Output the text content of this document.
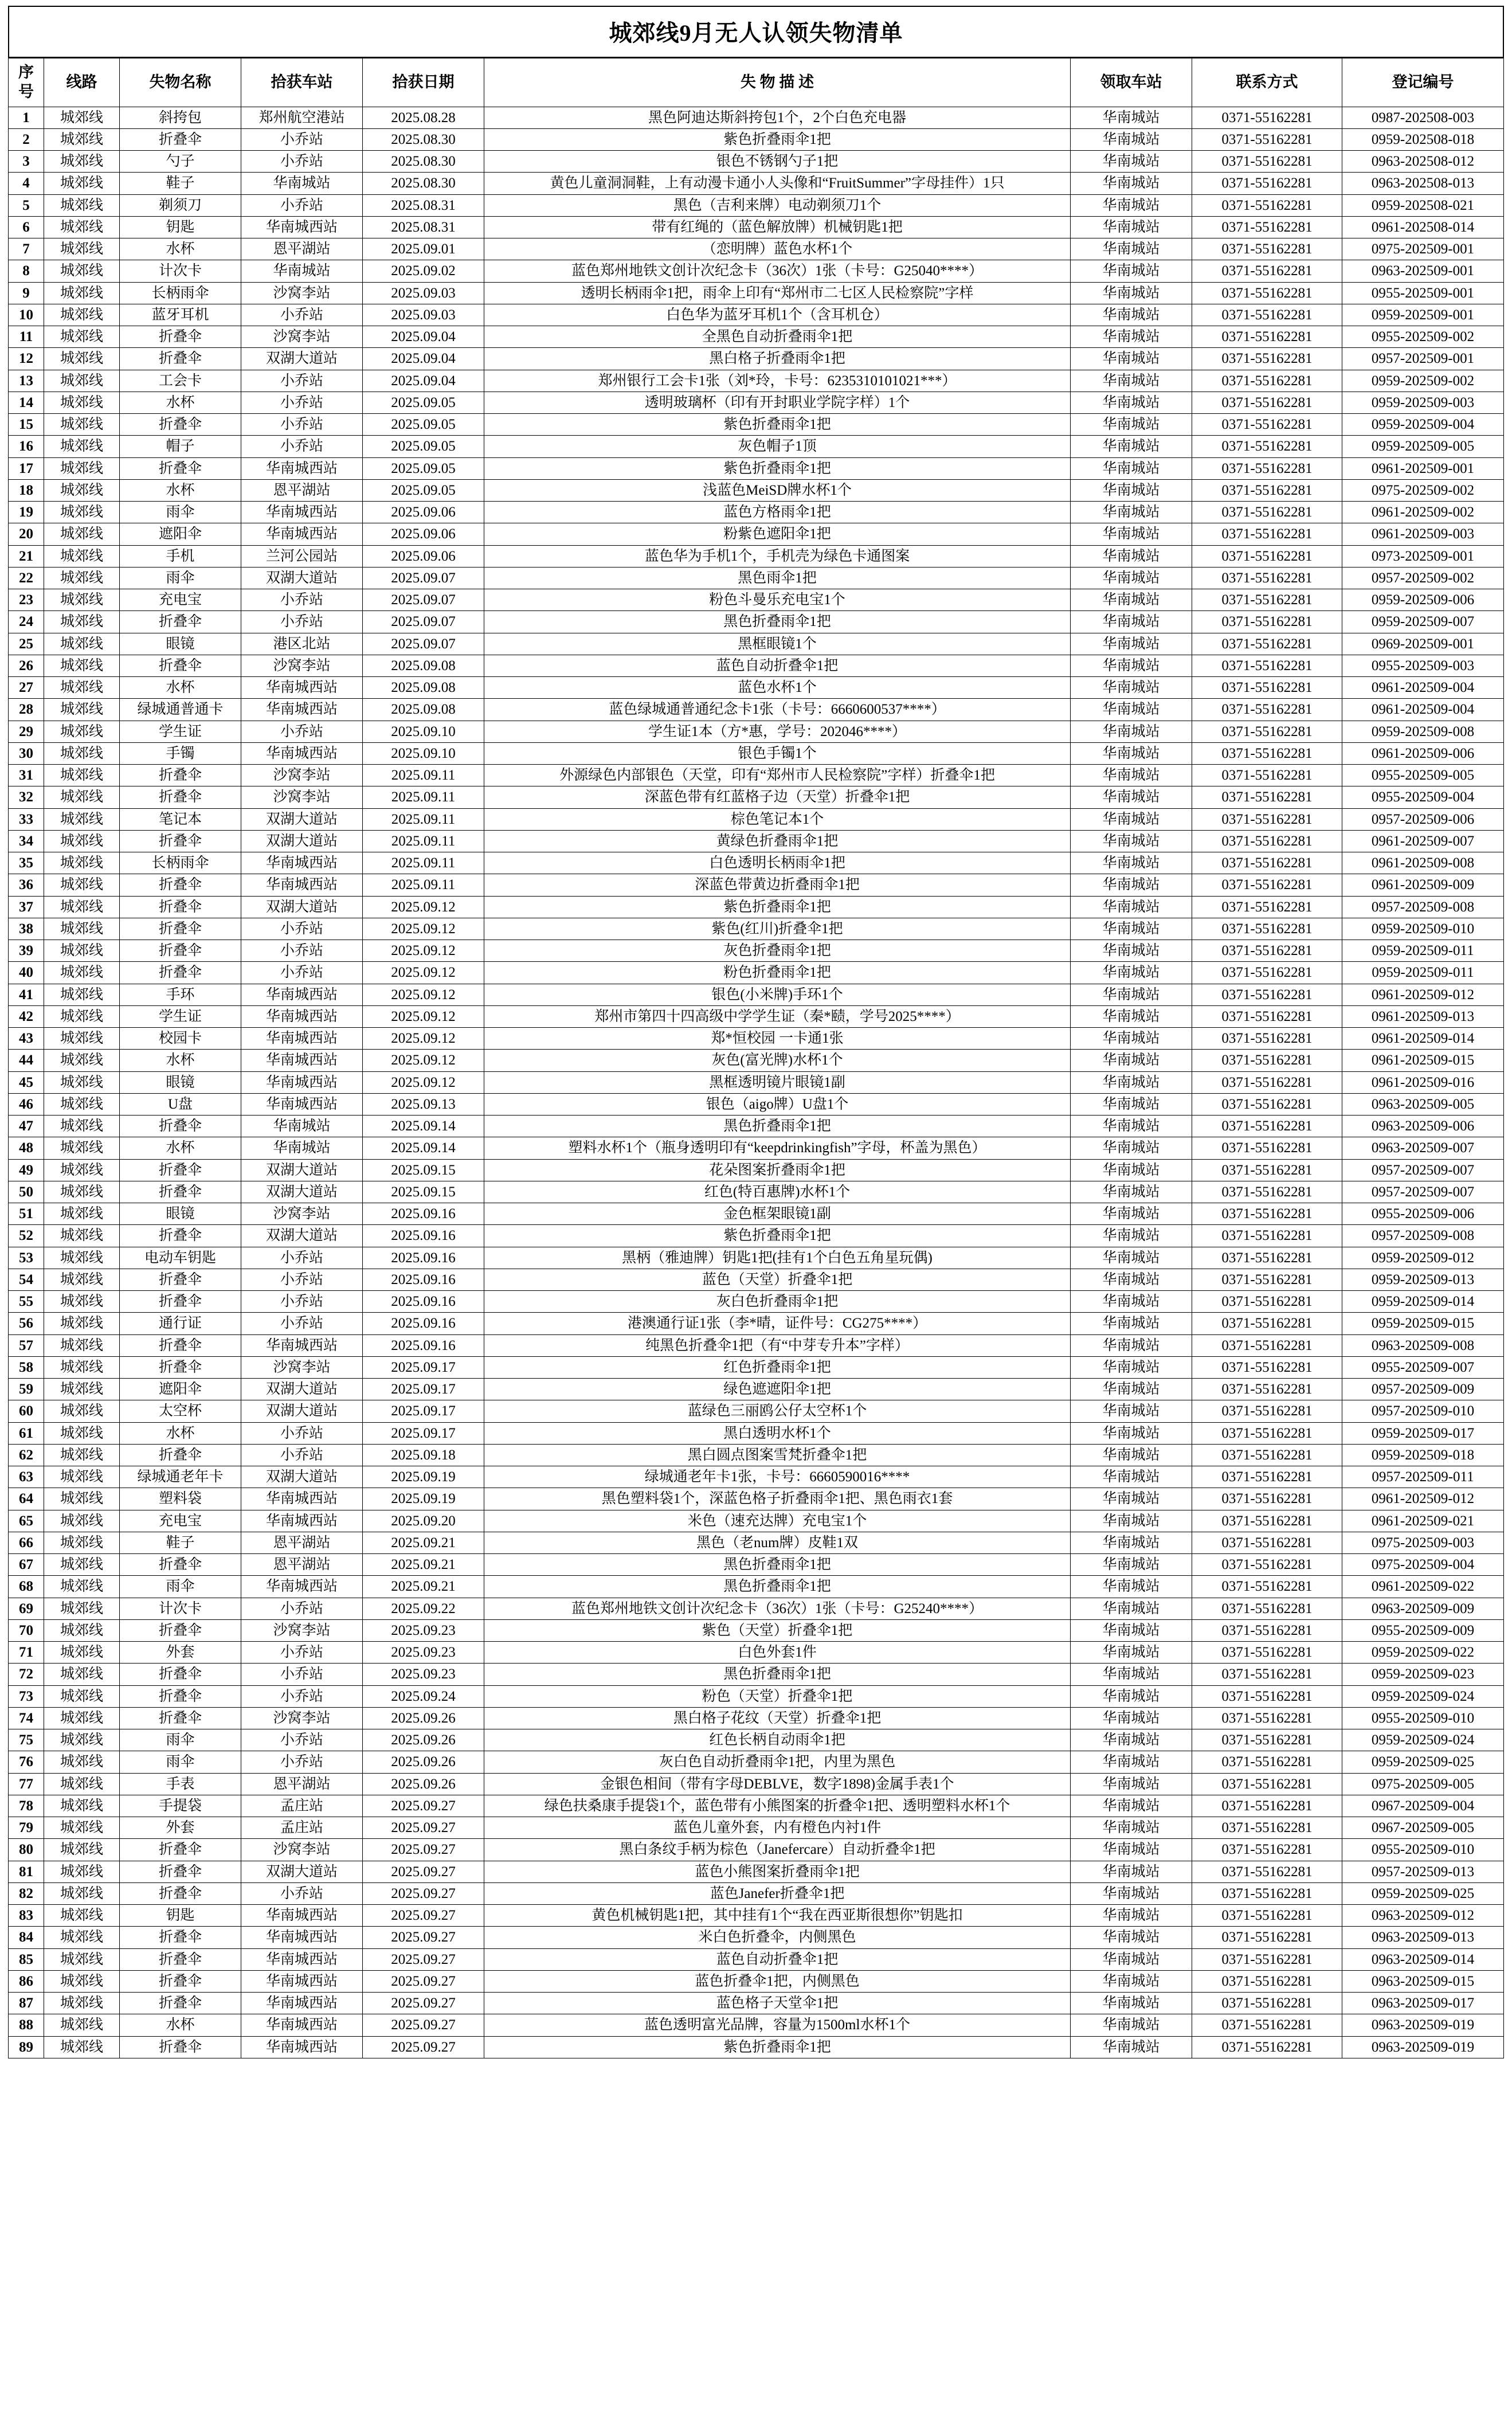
城郊线9月无人认领失物清单
序号	线路	失物名称	拾获车站	拾获日期	失 物 描 述	领取车站	联系方式	登记编号
1	城郊线	斜挎包	郑州航空港站	2025.08.28	黑色阿迪达斯斜挎包1个，2个白色充电器	华南城站	0371-55162281	0987-202508-003
2	城郊线	折叠伞	小乔站	2025.08.30	紫色折叠雨伞1把	华南城站	0371-55162281	0959-202508-018
3	城郊线	勺子	小乔站	2025.08.30	银色不锈钢勺子1把	华南城站	0371-55162281	0963-202508-012
4	城郊线	鞋子	华南城站	2025.08.30	黄色儿童洞洞鞋，上有动漫卡通小人头像和“FruitSummer”字母挂件）1只	华南城站	0371-55162281	0963-202508-013
5	城郊线	剃须刀	小乔站	2025.08.31	黑色（吉利来牌）电动剃须刀1个	华南城站	0371-55162281	0959-202508-021
6	城郊线	钥匙	华南城西站	2025.08.31	带有红绳的（蓝色解放牌）机械钥匙1把	华南城站	0371-55162281	0961-202508-014
7	城郊线	水杯	恩平湖站	2025.09.01	（恋明牌）蓝色水杯1个	华南城站	0371-55162281	0975-202509-001
8	城郊线	计次卡	华南城站	2025.09.02	蓝色郑州地铁文创计次纪念卡（36次）1张（卡号：G25040****）	华南城站	0371-55162281	0963-202509-001
9	城郊线	长柄雨伞	沙窝李站	2025.09.03	透明长柄雨伞1把，雨伞上印有“郑州市二七区人民检察院”字样	华南城站	0371-55162281	0955-202509-001
10	城郊线	蓝牙耳机	小乔站	2025.09.03	白色华为蓝牙耳机1个（含耳机仓）	华南城站	0371-55162281	0959-202509-001
11	城郊线	折叠伞	沙窝李站	2025.09.04	全黑色自动折叠雨伞1把	华南城站	0371-55162281	0955-202509-002
12	城郊线	折叠伞	双湖大道站	2025.09.04	黑白格子折叠雨伞1把	华南城站	0371-55162281	0957-202509-001
13	城郊线	工会卡	小乔站	2025.09.04	郑州银行工会卡1张（刘*玲，卡号：6235310101021***）	华南城站	0371-55162281	0959-202509-002
14	城郊线	水杯	小乔站	2025.09.05	透明玻璃杯（印有开封职业学院字样）1个	华南城站	0371-55162281	0959-202509-003
15	城郊线	折叠伞	小乔站	2025.09.05	紫色折叠雨伞1把	华南城站	0371-55162281	0959-202509-004
16	城郊线	帽子	小乔站	2025.09.05	灰色帽子1顶	华南城站	0371-55162281	0959-202509-005
17	城郊线	折叠伞	华南城西站	2025.09.05	紫色折叠雨伞1把	华南城站	0371-55162281	0961-202509-001
18	城郊线	水杯	恩平湖站	2025.09.05	浅蓝色MeiSD牌水杯1个	华南城站	0371-55162281	0975-202509-002
19	城郊线	雨伞	华南城西站	2025.09.06	蓝色方格雨伞1把	华南城站	0371-55162281	0961-202509-002
20	城郊线	遮阳伞	华南城西站	2025.09.06	粉紫色遮阳伞1把	华南城站	0371-55162281	0961-202509-003
21	城郊线	手机	兰河公园站	2025.09.06	蓝色华为手机1个，手机壳为绿色卡通图案	华南城站	0371-55162281	0973-202509-001
22	城郊线	雨伞	双湖大道站	2025.09.07	黑色雨伞1把	华南城站	0371-55162281	0957-202509-002
23	城郊线	充电宝	小乔站	2025.09.07	粉色斗曼乐充电宝1个	华南城站	0371-55162281	0959-202509-006
24	城郊线	折叠伞	小乔站	2025.09.07	黑色折叠雨伞1把	华南城站	0371-55162281	0959-202509-007
25	城郊线	眼镜	港区北站	2025.09.07	黑框眼镜1个	华南城站	0371-55162281	0969-202509-001
26	城郊线	折叠伞	沙窝李站	2025.09.08	蓝色自动折叠伞1把	华南城站	0371-55162281	0955-202509-003
27	城郊线	水杯	华南城西站	2025.09.08	蓝色水杯1个	华南城站	0371-55162281	0961-202509-004
28	城郊线	绿城通普通卡	华南城西站	2025.09.08	蓝色绿城通普通纪念卡1张（卡号：6660600537****）	华南城站	0371-55162281	0961-202509-004
29	城郊线	学生证	小乔站	2025.09.10	学生证1本（方*惠，学号：202046****）	华南城站	0371-55162281	0959-202509-008
30	城郊线	手镯	华南城西站	2025.09.10	银色手镯1个	华南城站	0371-55162281	0961-202509-006
31	城郊线	折叠伞	沙窝李站	2025.09.11	外源绿色内部银色（天堂，印有“郑州市人民检察院”字样）折叠伞1把	华南城站	0371-55162281	0955-202509-005
32	城郊线	折叠伞	沙窝李站	2025.09.11	深蓝色带有红蓝格子边（天堂）折叠伞1把	华南城站	0371-55162281	0955-202509-004
33	城郊线	笔记本	双湖大道站	2025.09.11	棕色笔记本1个	华南城站	0371-55162281	0957-202509-006
34	城郊线	折叠伞	双湖大道站	2025.09.11	黄绿色折叠雨伞1把	华南城站	0371-55162281	0961-202509-007
35	城郊线	长柄雨伞	华南城西站	2025.09.11	白色透明长柄雨伞1把	华南城站	0371-55162281	0961-202509-008
36	城郊线	折叠伞	华南城西站	2025.09.11	深蓝色带黄边折叠雨伞1把	华南城站	0371-55162281	0961-202509-009
37	城郊线	折叠伞	双湖大道站	2025.09.12	紫色折叠雨伞1把	华南城站	0371-55162281	0957-202509-008
38	城郊线	折叠伞	小乔站	2025.09.12	紫色(红川)折叠伞1把	华南城站	0371-55162281	0959-202509-010
39	城郊线	折叠伞	小乔站	2025.09.12	灰色折叠雨伞1把	华南城站	0371-55162281	0959-202509-011
40	城郊线	折叠伞	小乔站	2025.09.12	粉色折叠雨伞1把	华南城站	0371-55162281	0959-202509-011
41	城郊线	手环	华南城西站	2025.09.12	银色(小米牌)手环1个	华南城站	0371-55162281	0961-202509-012
42	城郊线	学生证	华南城西站	2025.09.12	郑州市第四十四高级中学学生证（秦*赜，学号2025****）	华南城站	0371-55162281	0961-202509-013
43	城郊线	校园卡	华南城西站	2025.09.12	郑*恒校园 一卡通1张	华南城站	0371-55162281	0961-202509-014
44	城郊线	水杯	华南城西站	2025.09.12	灰色(富光牌)水杯1个	华南城站	0371-55162281	0961-202509-015
45	城郊线	眼镜	华南城西站	2025.09.12	黑框透明镜片眼镜1副	华南城站	0371-55162281	0961-202509-016
46	城郊线	U盘	华南城西站	2025.09.13	银色（aigo牌）U盘1个	华南城站	0371-55162281	0963-202509-005
47	城郊线	折叠伞	华南城站	2025.09.14	黑色折叠雨伞1把	华南城站	0371-55162281	0963-202509-006
48	城郊线	水杯	华南城站	2025.09.14	塑料水杯1个（瓶身透明印有“keepdrinkingfish”字母，杯盖为黑色）	华南城站	0371-55162281	0963-202509-007
49	城郊线	折叠伞	双湖大道站	2025.09.15	花朵图案折叠雨伞1把	华南城站	0371-55162281	0957-202509-007
50	城郊线	折叠伞	双湖大道站	2025.09.15	红色(特百惠牌)水杯1个	华南城站	0371-55162281	0957-202509-007
51	城郊线	眼镜	沙窝李站	2025.09.16	金色框架眼镜1副	华南城站	0371-55162281	0955-202509-006
52	城郊线	折叠伞	双湖大道站	2025.09.16	紫色折叠雨伞1把	华南城站	0371-55162281	0957-202509-008
53	城郊线	电动车钥匙	小乔站	2025.09.16	黑柄（雅迪牌）钥匙1把(挂有1个白色五角星玩偶)	华南城站	0371-55162281	0959-202509-012
54	城郊线	折叠伞	小乔站	2025.09.16	蓝色（天堂）折叠伞1把	华南城站	0371-55162281	0959-202509-013
55	城郊线	折叠伞	小乔站	2025.09.16	灰白色折叠雨伞1把	华南城站	0371-55162281	0959-202509-014
56	城郊线	通行证	小乔站	2025.09.16	港澳通行证1张（李*晴，证件号：CG275****）	华南城站	0371-55162281	0959-202509-015
57	城郊线	折叠伞	华南城西站	2025.09.16	纯黑色折叠伞1把（有“中芽专升本”字样）	华南城站	0371-55162281	0963-202509-008
58	城郊线	折叠伞	沙窝李站	2025.09.17	红色折叠雨伞1把	华南城站	0371-55162281	0955-202509-007
59	城郊线	遮阳伞	双湖大道站	2025.09.17	绿色遮遮阳伞1把	华南城站	0371-55162281	0957-202509-009
60	城郊线	太空杯	双湖大道站	2025.09.17	蓝绿色三丽鸥公仔太空杯1个	华南城站	0371-55162281	0957-202509-010
61	城郊线	水杯	小乔站	2025.09.17	黑白透明水杯1个	华南城站	0371-55162281	0959-202509-017
62	城郊线	折叠伞	小乔站	2025.09.18	黑白圆点图案雪梵折叠伞1把	华南城站	0371-55162281	0959-202509-018
63	城郊线	绿城通老年卡	双湖大道站	2025.09.19	绿城通老年卡1张，卡号：6660590016****	华南城站	0371-55162281	0957-202509-011
64	城郊线	塑料袋	华南城西站	2025.09.19	黑色塑料袋1个，深蓝色格子折叠雨伞1把、黑色雨衣1套	华南城站	0371-55162281	0961-202509-012
65	城郊线	充电宝	华南城西站	2025.09.20	米色（速充达牌）充电宝1个	华南城站	0371-55162281	0961-202509-021
66	城郊线	鞋子	恩平湖站	2025.09.21	黑色（老num牌）皮鞋1双	华南城站	0371-55162281	0975-202509-003
67	城郊线	折叠伞	恩平湖站	2025.09.21	黑色折叠雨伞1把	华南城站	0371-55162281	0975-202509-004
68	城郊线	雨伞	华南城西站	2025.09.21	黑色折叠雨伞1把	华南城站	0371-55162281	0961-202509-022
69	城郊线	计次卡	小乔站	2025.09.22	蓝色郑州地铁文创计次纪念卡（36次）1张（卡号：G25240****）	华南城站	0371-55162281	0963-202509-009
70	城郊线	折叠伞	沙窝李站	2025.09.23	紫色（天堂）折叠伞1把	华南城站	0371-55162281	0955-202509-009
71	城郊线	外套	小乔站	2025.09.23	白色外套1件	华南城站	0371-55162281	0959-202509-022
72	城郊线	折叠伞	小乔站	2025.09.23	黑色折叠雨伞1把	华南城站	0371-55162281	0959-202509-023
73	城郊线	折叠伞	小乔站	2025.09.24	粉色（天堂）折叠伞1把	华南城站	0371-55162281	0959-202509-024
74	城郊线	折叠伞	沙窝李站	2025.09.26	黑白格子花纹（天堂）折叠伞1把	华南城站	0371-55162281	0955-202509-010
75	城郊线	雨伞	小乔站	2025.09.26	红色长柄自动雨伞1把	华南城站	0371-55162281	0959-202509-024
76	城郊线	雨伞	小乔站	2025.09.26	灰白色自动折叠雨伞1把，内里为黑色	华南城站	0371-55162281	0959-202509-025
77	城郊线	手表	恩平湖站	2025.09.26	金银色相间（带有字母DEBLVE，数字1898)金属手表1个	华南城站	0371-55162281	0975-202509-005
78	城郊线	手提袋	孟庄站	2025.09.27	绿色扶桑康手提袋1个，蓝色带有小熊图案的折叠伞1把、透明塑料水杯1个	华南城站	0371-55162281	0967-202509-004
79	城郊线	外套	孟庄站	2025.09.27	蓝色儿童外套，内有橙色内衬1件	华南城站	0371-55162281	0967-202509-005
80	城郊线	折叠伞	沙窝李站	2025.09.27	黑白条纹手柄为棕色（Janefercare）自动折叠伞1把	华南城站	0371-55162281	0955-202509-010
81	城郊线	折叠伞	双湖大道站	2025.09.27	蓝色小熊图案折叠雨伞1把	华南城站	0371-55162281	0957-202509-013
82	城郊线	折叠伞	小乔站	2025.09.27	蓝色Janefer折叠伞1把	华南城站	0371-55162281	0959-202509-025
83	城郊线	钥匙	华南城西站	2025.09.27	黄色机械钥匙1把，其中挂有1个“我在西亚斯很想你”钥匙扣	华南城站	0371-55162281	0963-202509-012
84	城郊线	折叠伞	华南城西站	2025.09.27	米白色折叠伞，内侧黑色	华南城站	0371-55162281	0963-202509-013
85	城郊线	折叠伞	华南城西站	2025.09.27	蓝色自动折叠伞1把	华南城站	0371-55162281	0963-202509-014
86	城郊线	折叠伞	华南城西站	2025.09.27	蓝色折叠伞1把，内侧黑色	华南城站	0371-55162281	0963-202509-015
87	城郊线	折叠伞	华南城西站	2025.09.27	蓝色格子天堂伞1把	华南城站	0371-55162281	0963-202509-017
88	城郊线	水杯	华南城西站	2025.09.27	蓝色透明富光品牌，容量为1500ml水杯1个	华南城站	0371-55162281	0963-202509-019
89	城郊线	折叠伞	华南城西站	2025.09.27	紫色折叠雨伞1把	华南城站	0371-55162281	0963-202509-019
